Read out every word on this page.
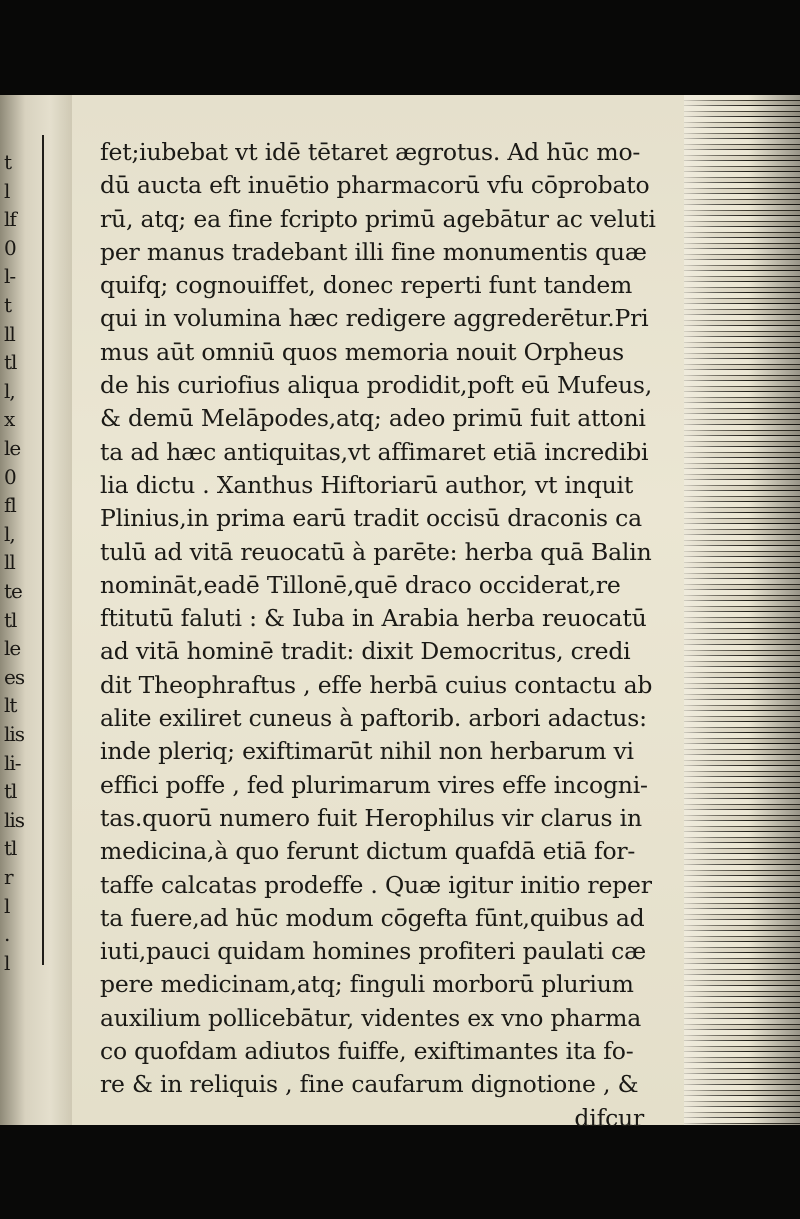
t
l
lf
0
l-
t
ll
tl
l,
x
le
0
fl
l,
ll
te
tl
le
es
lt
lis
li-
tl
lis
tl
r
l
.
l
fet;iubebat vt idē tētaret ægrotus. Ad hūc mo-
dū aucta eft inuētio pharmacorū vfu cōprobato
rū, atq; ea fine fcripto primū agebātur ac veluti
per manus tradebant illi fine monumentis quæ
quifq; cognouiffet, donec reperti funt tandem
qui in volumina hæc redigere aggrederētur.Pri
mus aūt omniū quos memoria nouit Orpheus
de his curiofius aliqua prodidit,poft eū Mufeus,
& demū Melāpodes,atq; adeo primū fuit attoni
ta ad hæc antiquitas,vt affimaret etiā incredibi
lia dictu . Xanthus Hiftoriarū author, vt inquit
Plinius,in prima earū tradit occisū draconis ca
tulū ad vitā reuocatū à parēte: herba quā Balin
nomināt,eadē Tillonē,quē draco occiderat,re
ftitutū faluti : & Iuba in Arabia herba reuocatū
ad vitā hominē tradit: dixit Democritus, credi
dit Theophraftus , effe herbā cuius contactu ab
alite exiliret cuneus à paftorib. arbori adactus:
inde pleriq; exiftimarūt nihil non herbarum vi
effici poffe , fed plurimarum vires effe incogni-
tas.quorū numero fuit Herophilus vir clarus in
medicina,à quo ferunt dictum quafdā etiā for-
taffe calcatas prodeffe . Quæ igitur initio reper
ta fuere,ad hūc modum cōgefta fūnt,quibus ad
iuti,pauci quidam homines profiteri paulati cæ
pere medicinam,atq; finguli morborū plurium
auxilium pollicebātur, videntes ex vno pharma
co quofdam adiutos fuiffe, exiftimantes ita fo-
re & in reliquis , fine caufarum dignotione , &
difcur
